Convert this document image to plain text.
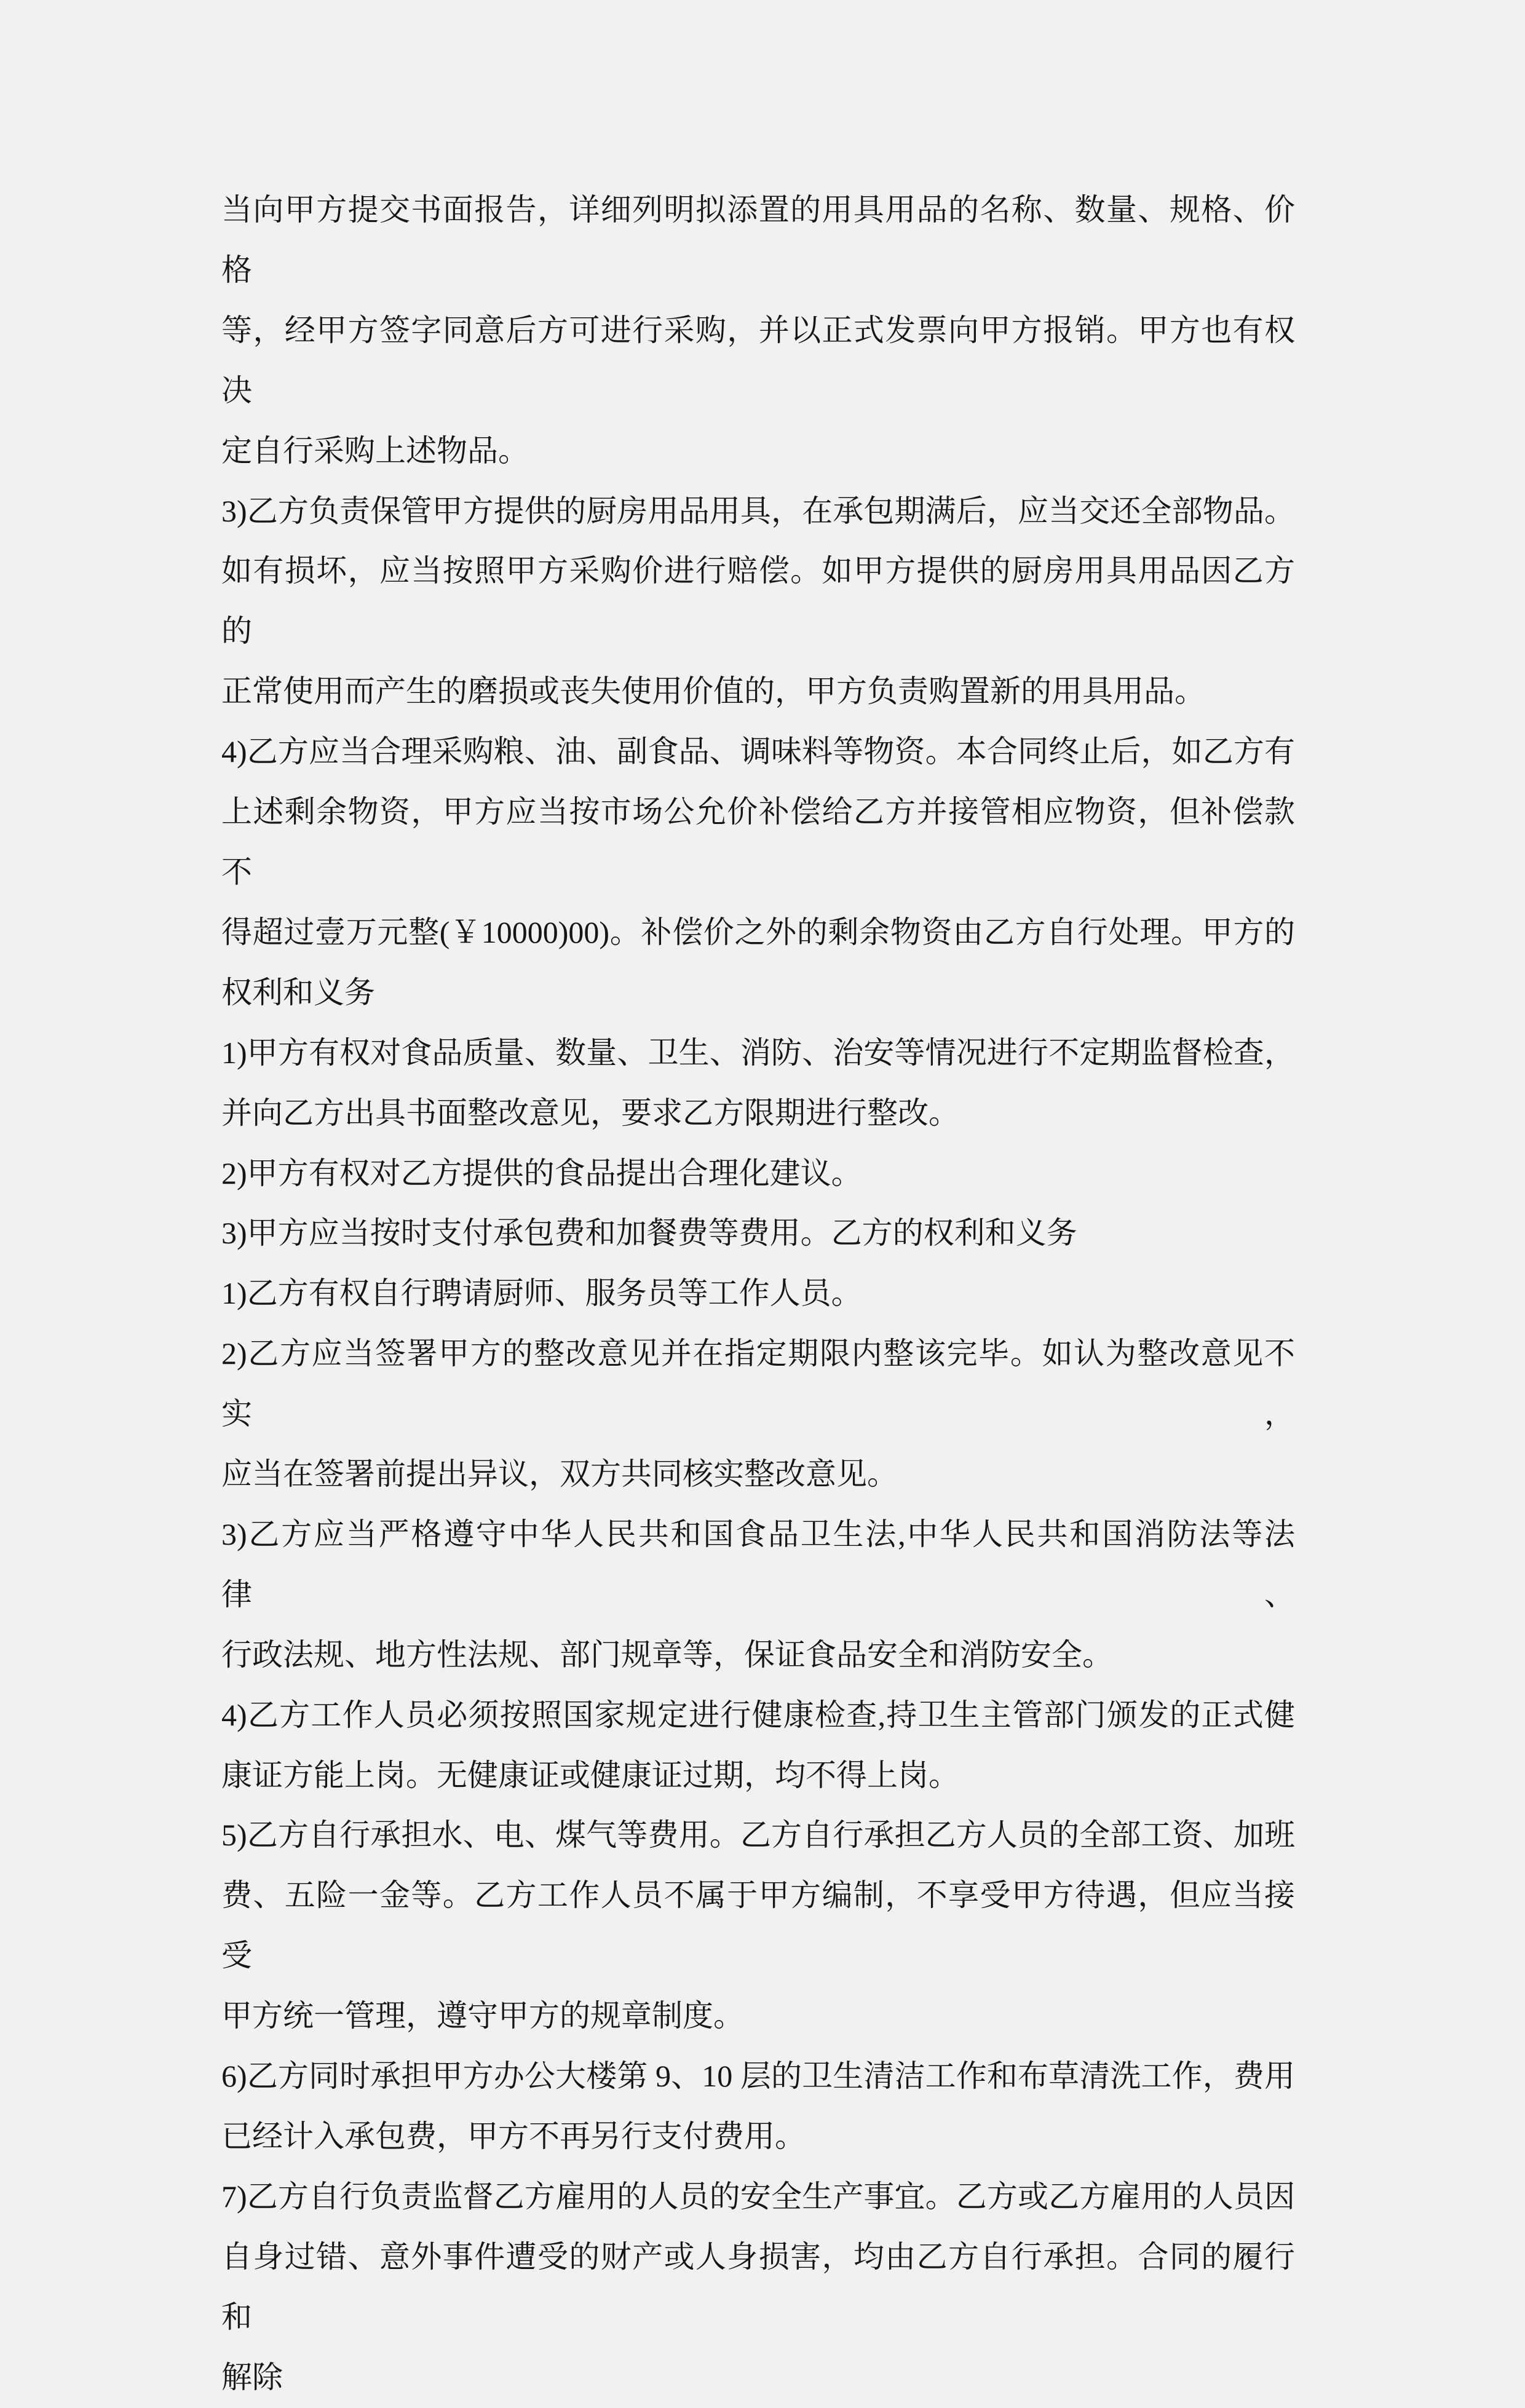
当向甲方提交书面报告，详细列明拟添置的用具用品的名称、数量、规格、价格
等，经甲方签字同意后方可进行采购，并以正式发票向甲方报销。甲方也有权决
定自行采购上述物品。
3)乙方负责保管甲方提供的厨房用品用具，在承包期满后，应当交还全部物品。
如有损坏，应当按照甲方采购价进行赔偿。如甲方提供的厨房用具用品因乙方的
正常使用而产生的磨损或丧失使用价值的，甲方负责购置新的用具用品。
4)乙方应当合理采购粮、油、副食品、调味料等物资。本合同终止后，如乙方有
上述剩余物资，甲方应当按市场公允价补偿给乙方并接管相应物资，但补偿款不
得超过壹万元整(￥10000)00)。补偿价之外的剩余物资由乙方自行处理。甲方的
权利和义务
1)甲方有权对食品质量、数量、卫生、消防、治安等情况进行不定期监督检查，
并向乙方出具书面整改意见，要求乙方限期进行整改。
2)甲方有权对乙方提供的食品提出合理化建议。
3)甲方应当按时支付承包费和加餐费等费用。乙方的权利和义务
1)乙方有权自行聘请厨师、服务员等工作人员。
2)乙方应当签署甲方的整改意见并在指定期限内整该完毕。如认为整改意见不实，
应当在签署前提出异议，双方共同核实整改意见。
3)乙方应当严格遵守中华人民共和国食品卫生法,中华人民共和国消防法等法律、
行政法规、地方性法规、部门规章等，保证食品安全和消防安全。
4)乙方工作人员必须按照国家规定进行健康检查,持卫生主管部门颁发的正式健
康证方能上岗。无健康证或健康证过期，均不得上岗。
5)乙方自行承担水、电、煤气等费用。乙方自行承担乙方人员的全部工资、加班
费、五险一金等。乙方工作人员不属于甲方编制，不享受甲方待遇，但应当接受
甲方统一管理，遵守甲方的规章制度。
6)乙方同时承担甲方办公大楼第 9、10 层的卫生清洁工作和布草清洗工作，费用
已经计入承包费，甲方不再另行支付费用。
7)乙方自行负责监督乙方雇用的人员的安全生产事宜。乙方或乙方雇用的人员因
自身过错、意外事件遭受的财产或人身损害，均由乙方自行承担。合同的履行和
解除
